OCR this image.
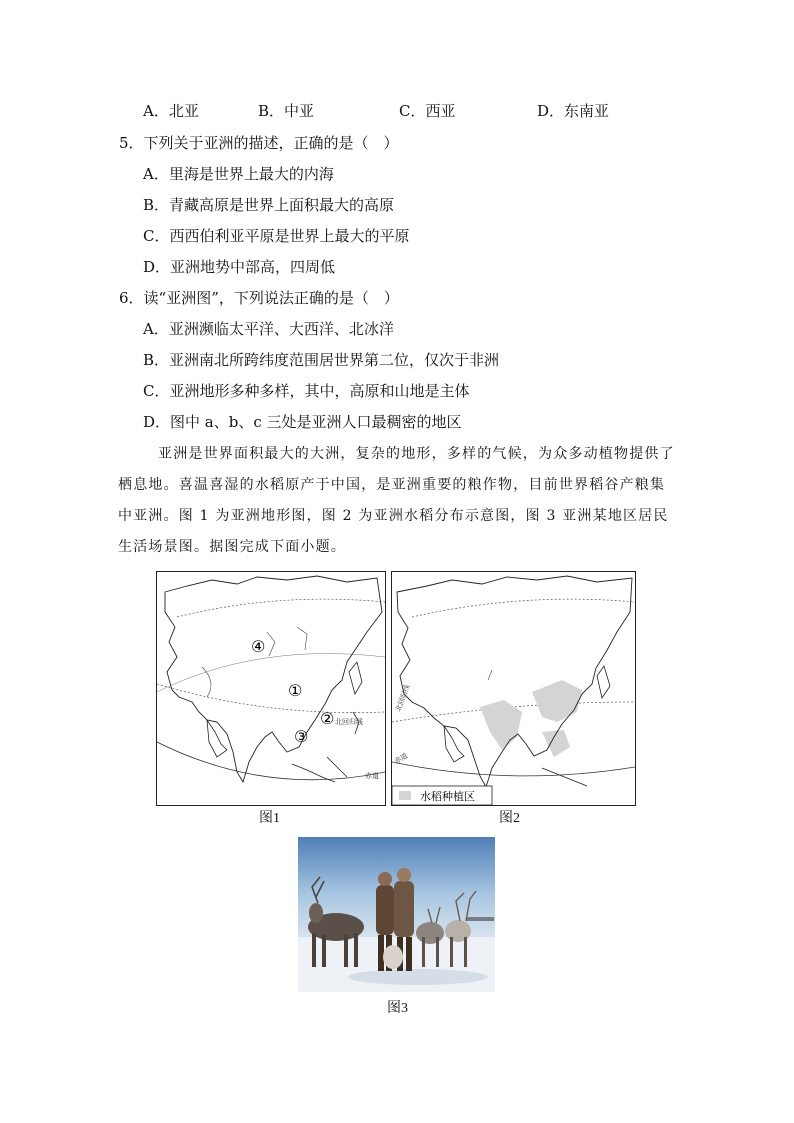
A．北亚	B．中亚	C．西亚	D．东南亚
5．下列关于亚洲的描述，正确的是（　）
A．里海是世界上最大的内海
B．青藏高原是世界上面积最大的高原
C．西西伯利亚平原是世界上最大的平原
D．亚洲地势中部高，四周低
6．读“亚洲图”，下列说法正确的是（　）
A．亚洲濒临太平洋、大西洋、北冰洋
B．亚洲南北所跨纬度范围居世界第二位，仅次于非洲
C．亚洲地形多种多样，其中，高原和山地是主体
D．图中 a、b、c 三处是亚洲人口最稠密的地区
亚洲是世界面积最大的大洲，复杂的地形，多样的气候，为众多动植物提供了栖息地。喜温喜湿的水稻原产于中国，是亚洲重要的粮作物，目前世界稻谷产粮集中亚洲。图 1 为亚洲地形图，图 2 为亚洲水稻分布示意图，图 3 亚洲某地区居民生活场景图。据图完成下面小题。
④
①
②
③
北回归线
赤道
图1
北回归线
赤道
水稻种植区
图2
图3
